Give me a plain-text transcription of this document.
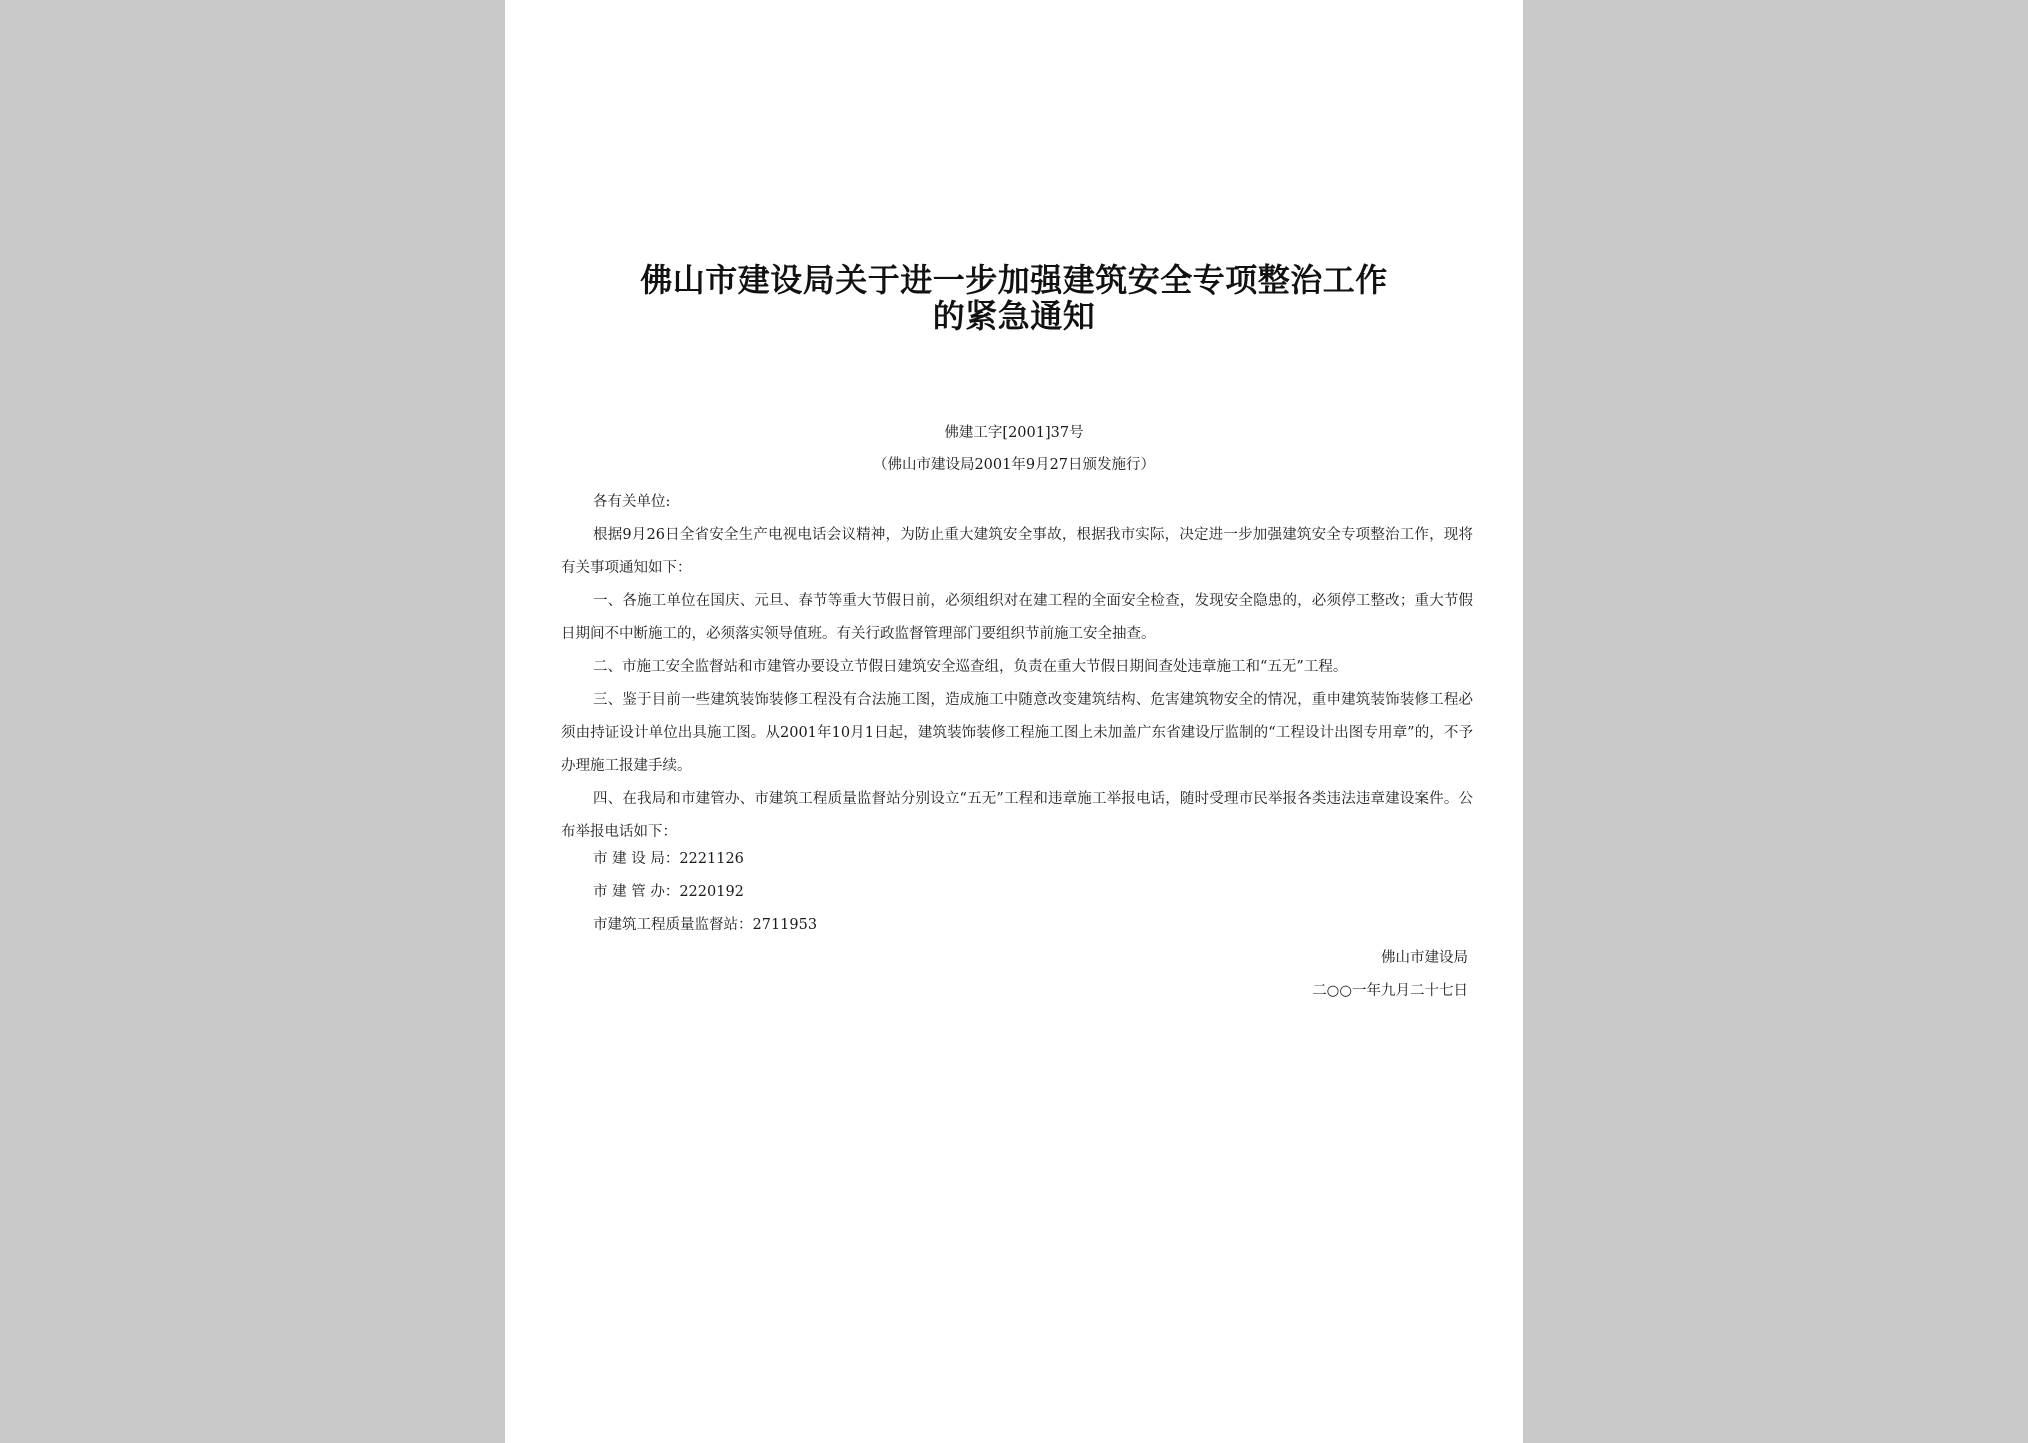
佛山市建设局关于进一步加强建筑安全专项整治工作
的紧急通知
佛建工字[2001]37号
（佛山市建设局2001年9月27日颁发施行）

各有关单位:

根据9月26日全省安全生产电视电话会议精神，为防止重大建筑安全事故，根据我市实际，决定进一步加强建筑安全专项整治工作，现将有关事项通知如下：

一、各施工单位在国庆、元旦、春节等重大节假日前，必须组织对在建工程的全面安全检查，发现安全隐患的，必须停工整改；重大节假日期间不中断施工的，必须落实领导值班。有关行政监督管理部门要组织节前施工安全抽查。

二、市施工安全监督站和市建管办要设立节假日建筑安全巡查组，负责在重大节假日期间查处违章施工和“五无”工程。

三、鉴于目前一些建筑装饰装修工程没有合法施工图，造成施工中随意改变建筑结构、危害建筑物安全的情况，重申建筑装饰装修工程必须由持证设计单位出具施工图。从2001年10月1日起，建筑装饰装修工程施工图上未加盖广东省建设厅监制的“工程设计出图专用章”的，不予办理施工报建手续。

四、在我局和市建管办、市建筑工程质量监督站分别设立“五无”工程和违章施工举报电话，随时受理市民举报各类违法违章建设案件。公布举报电话如下：

市 建 设 局：2221126
市 建 管 办：2220192
市建筑工程质量监督站：2711953
佛山市建设局
二○○一年九月二十七日
